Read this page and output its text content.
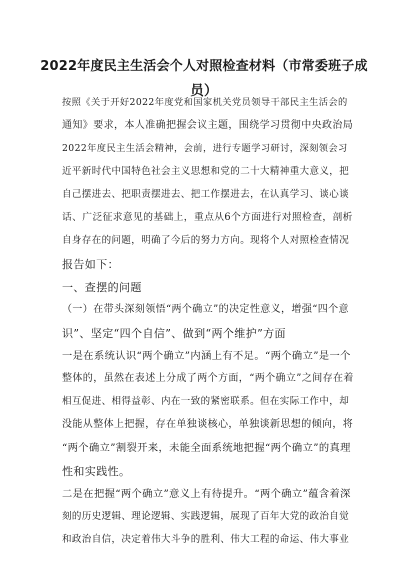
2022年度民主生活会个人对照检查材料（市常委班子成
员）
按照《关于开好2022年度党和国家机关党员领导干部民主生活会的
通知》要求，本人准确把握会议主题，围绕学习贯彻中央政治局
2022年度民主生活会精神，会前，进行专题学习研讨，深刻领会习
近平新时代中国特色社会主义思想和党的二十大精神重大意义，把
自己摆进去、把职责摆进去、把工作摆进去，在认真学习、谈心谈
话、广泛征求意见的基础上，重点从6个方面进行对照检查，剖析
自身存在的问题，明确了今后的努力方向。现将个人对照检查情况
报告如下：
一、查摆的问题
（一）在带头深刻领悟“两个确立”的决定性意义，增强“四个意
识”、坚定“四个自信”、做到“两个维护”方面
一是在系统认识“两个确立”内涵上有不足。“两个确立”是一个
整体的，虽然在表述上分成了两个方面，“两个确立”之间存在着
相互促进、相得益彰、内在一致的紧密联系。但在实际工作中，却
没能从整体上把握，存在单独谈核心，单独谈新思想的倾向，将
“两个确立”割裂开来，未能全面系统地把握“两个确立”的真理
性和实践性。
二是在把握“两个确立”意义上有待提升。“两个确立”蕴含着深
刻的历史逻辑、理论逻辑、实践逻辑，展现了百年大党的政治自觉
和政治自信，决定着伟大斗争的胜利、伟大工程的命运、伟大事业
